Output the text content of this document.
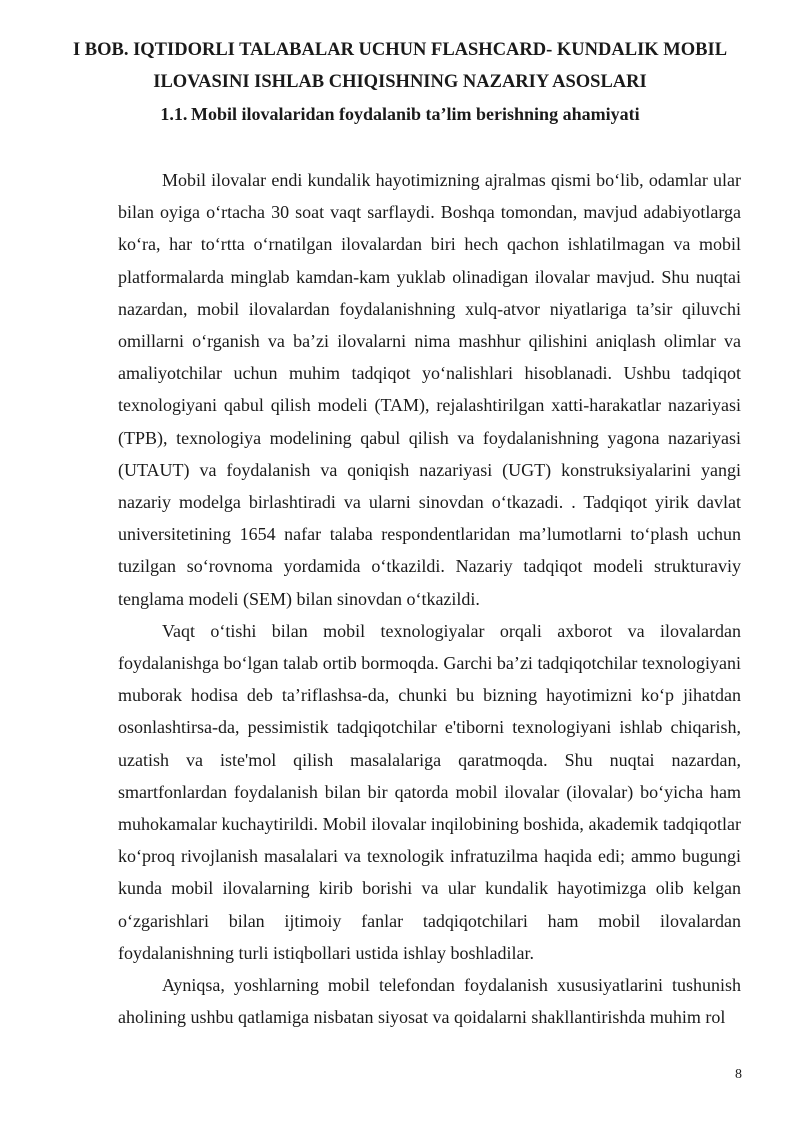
I BOB. IQTIDORLI TALABALAR UCHUN FLASHCARD- KUNDALIK MOBIL ILOVASINI ISHLAB CHIQISHNING NAZARIY ASOSLARI
1.1. Mobil ilovalaridan foydalanib ta’lim berishning ahamiyati

Mobil ilovalar endi kundalik hayotimizning ajralmas qismi bo‘lib, odamlar ular bilan oyiga o‘rtacha 30 soat vaqt sarflaydi. Boshqa tomondan, mavjud adabiyotlarga ko‘ra, har to‘rtta o‘rnatilgan ilovalardan biri hech qachon ishlatilmagan va mobil platformalarda minglab kamdan-kam yuklab olinadigan ilovalar mavjud. Shu nuqtai nazardan, mobil ilovalardan foydalanishning xulq-atvor niyatlariga ta’sir qiluvchi omillarni o‘rganish va ba’zi ilovalarni nima mashhur qilishini aniqlash olimlar va amaliyotchilar uchun muhim tadqiqot yo‘nalishlari hisoblanadi. Ushbu tadqiqot texnologiyani qabul qilish modeli (TAM), rejalashtirilgan xatti-harakatlar nazariyasi (TPB), texnologiya modelining qabul qilish va foydalanishning yagona nazariyasi (UTAUT) va foydalanish va qoniqish nazariyasi (UGT) konstruksiyalarini yangi nazariy modelga birlashtiradi va ularni sinovdan o‘tkazadi. . Tadqiqot yirik davlat universitetining 1654 nafar talaba respondentlaridan ma’lumotlarni to‘plash uchun tuzilgan so‘rovnoma yordamida o‘tkazildi. Nazariy tadqiqot modeli strukturaviy tenglama modeli (SEM) bilan sinovdan o‘tkazildi.

Vaqt o‘tishi bilan mobil texnologiyalar orqali axborot va ilovalardan foydalanishga bo‘lgan talab ortib bormoqda. Garchi ba’zi tadqiqotchilar texnologiyani muborak hodisa deb ta’riflashsa-da, chunki bu bizning hayotimizni ko‘p jihatdan osonlashtirsa-da, pessimistik tadqiqotchilar e'tiborni texnologiyani ishlab chiqarish, uzatish va iste'mol qilish masalalariga qaratmoqda. Shu nuqtai nazardan, smartfonlardan foydalanish bilan bir qatorda mobil ilovalar (ilovalar) bo‘yicha ham muhokamalar kuchaytirildi. Mobil ilovalar inqilobining boshida, akademik tadqiqotlar ko‘proq rivojlanish masalalari va texnologik infratuzilma haqida edi; ammo bugungi kunda mobil ilovalarning kirib borishi va ular kundalik hayotimizga olib kelgan o‘zgarishlari bilan ijtimoiy fanlar tadqiqotchilari ham mobil ilovalardan foydalanishning turli istiqbollari ustida ishlay boshladilar.

Ayniqsa, yoshlarning mobil telefondan foydalanish xususiyatlarini tushunish aholining ushbu qatlamiga nisbatan siyosat va qoidalarni shakllantirishda muhim rol

8
